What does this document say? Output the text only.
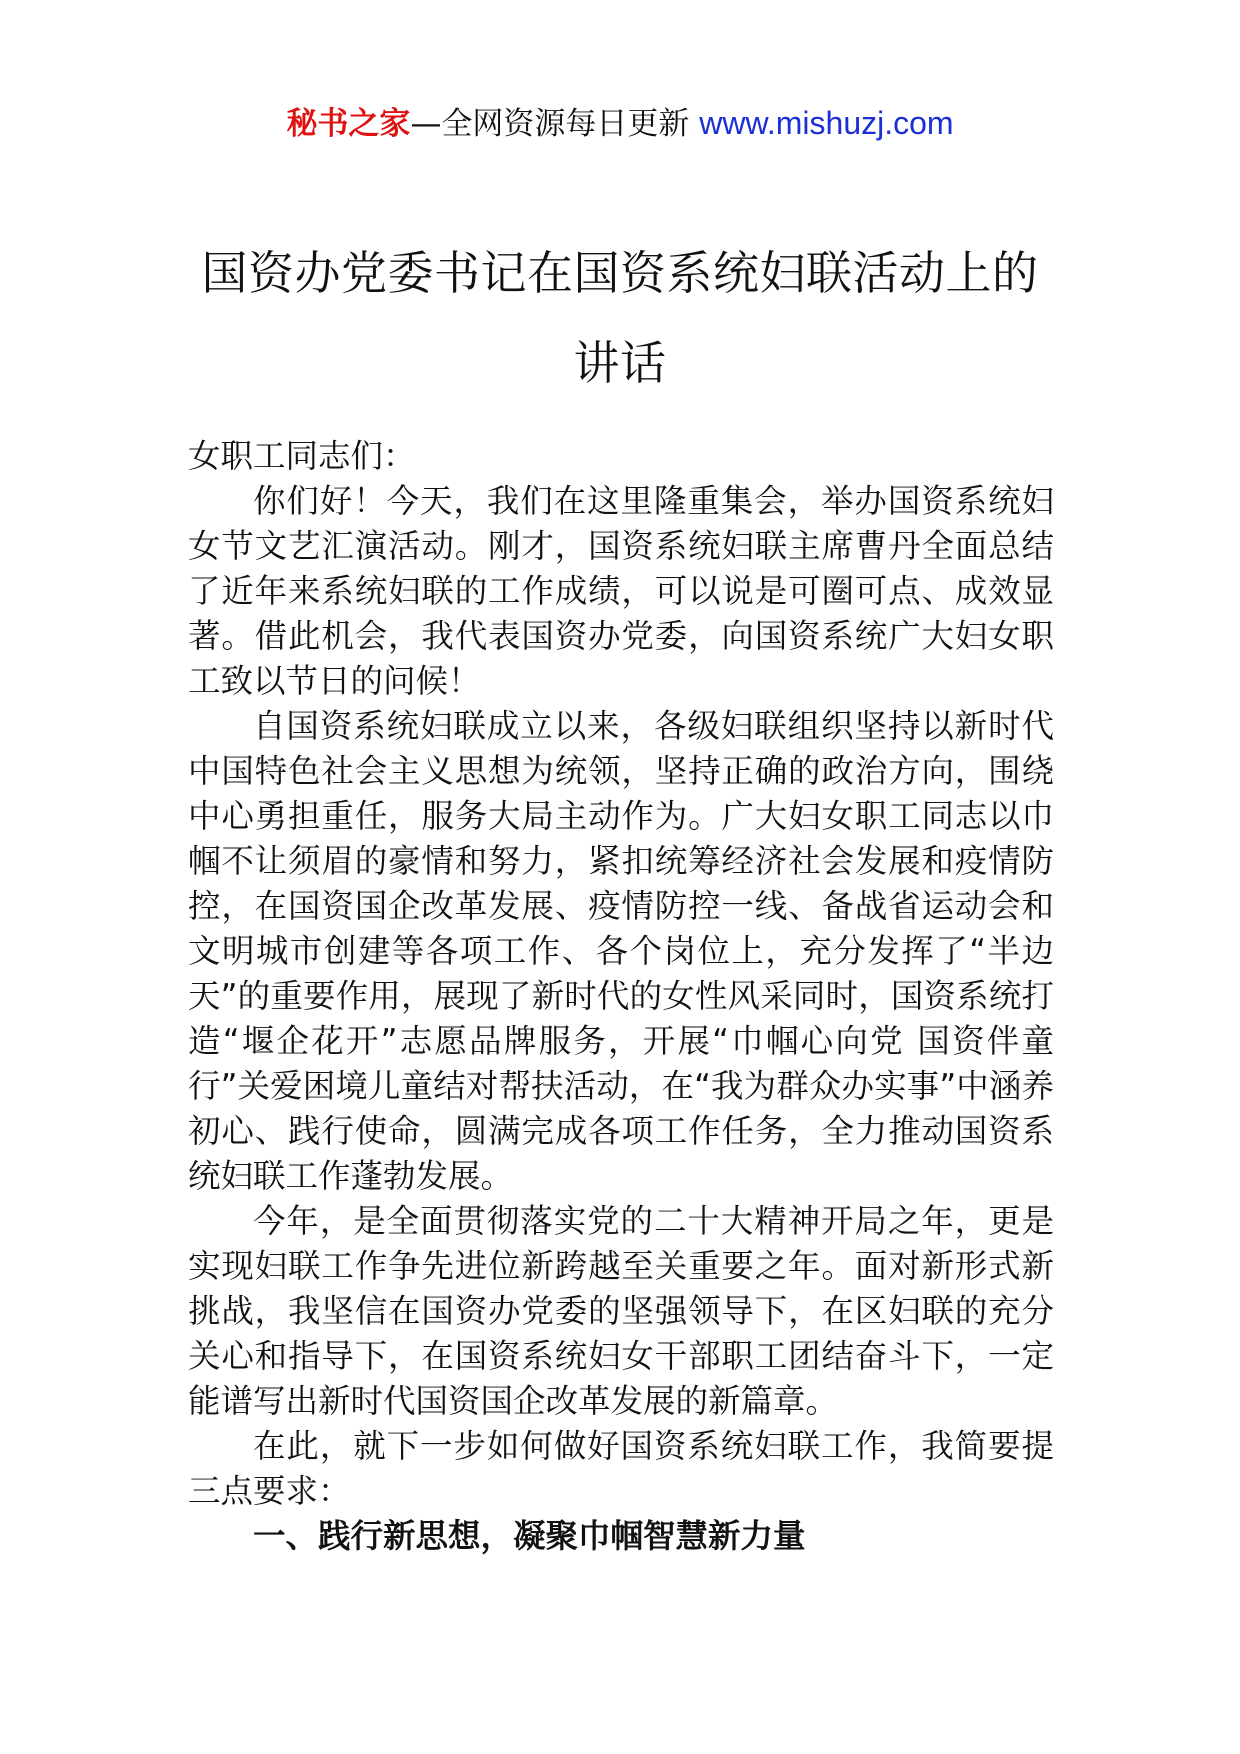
秘书之家—全网资源每日更新 www.mishuzj.com
国资办党委书记在国资系统妇联活动上的
讲话

女职工同志们：

你们好！今天，我们在这里隆重集会，举办国资系统妇女节文艺汇演活动。刚才，国资系统妇联主席曹丹全面总结了近年来系统妇联的工作成绩，可以说是可圈可点、成效显著。借此机会，我代表国资办党委，向国资系统广大妇女职工致以节日的问候！

自国资系统妇联成立以来，各级妇联组织坚持以新时代中国特色社会主义思想为统领，坚持正确的政治方向，围绕中心勇担重任，服务大局主动作为。广大妇女职工同志以巾帼不让须眉的豪情和努力，紧扣统筹经济社会发展和疫情防控，在国资国企改革发展、疫情防控一线、备战省运动会和文明城市创建等各项工作、各个岗位上，充分发挥了“半边天”的重要作用，展现了新时代的女性风采同时，国资系统打造“堰企花开”志愿品牌服务，开展“巾帼心向党 国资伴童行”关爱困境儿童结对帮扶活动，在“我为群众办实事”中涵养初心、践行使命，圆满完成各项工作任务，全力推动国资系统妇联工作蓬勃发展。

今年，是全面贯彻落实党的二十大精神开局之年，更是实现妇联工作争先进位新跨越至关重要之年。面对新形式新挑战，我坚信在国资办党委的坚强领导下，在区妇联的充分关心和指导下，在国资系统妇女干部职工团结奋斗下，一定能谱写出新时代国资国企改革发展的新篇章。

在此，就下一步如何做好国资系统妇联工作，我简要提三点要求：

一、践行新思想，凝聚巾帼智慧新力量
